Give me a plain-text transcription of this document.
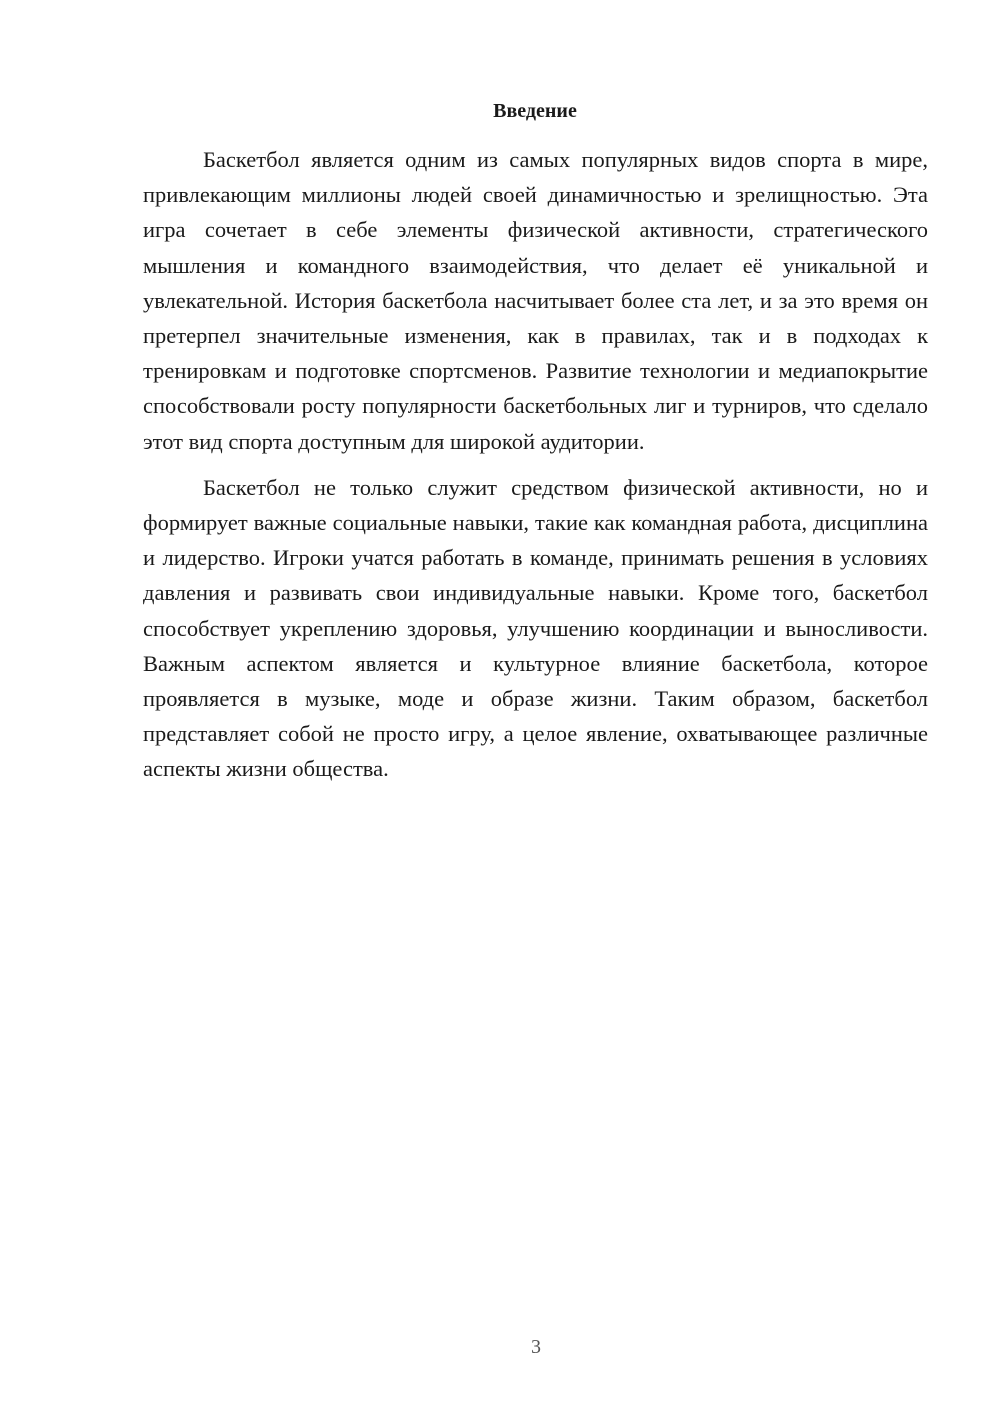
Введение

Баскетбол является одним из самых популярных видов спорта в мире, привлекающим миллионы людей своей динамичностью и зрелищностью. Эта игра сочетает в себе элементы физической активности, стратегического мышления и командного взаимодействия, что делает её уникальной и увлекательной. История баскетбола насчитывает более ста лет, и за это время он претерпел значительные изменения, как в правилах, так и в подходах к тренировкам и подготовке спортсменов. Развитие технологии и медиапокрытие способствовали росту популярности баскетбольных лиг и турниров, что сделало этот вид спорта доступным для широкой аудитории.

Баскетбол не только служит средством физической активности, но и формирует важные социальные навыки, такие как командная работа, дисциплина и лидерство. Игроки учатся работать в команде, принимать решения в условиях давления и развивать свои индивидуальные навыки. Кроме того, баскетбол способствует укреплению здоровья, улучшению координации и выносливости. Важным аспектом является и культурное влияние баскетбола, которое проявляется в музыке, моде и образе жизни. Таким образом, баскетбол представляет собой не просто игру, а целое явление, охватывающее различные аспекты жизни общества.

3
